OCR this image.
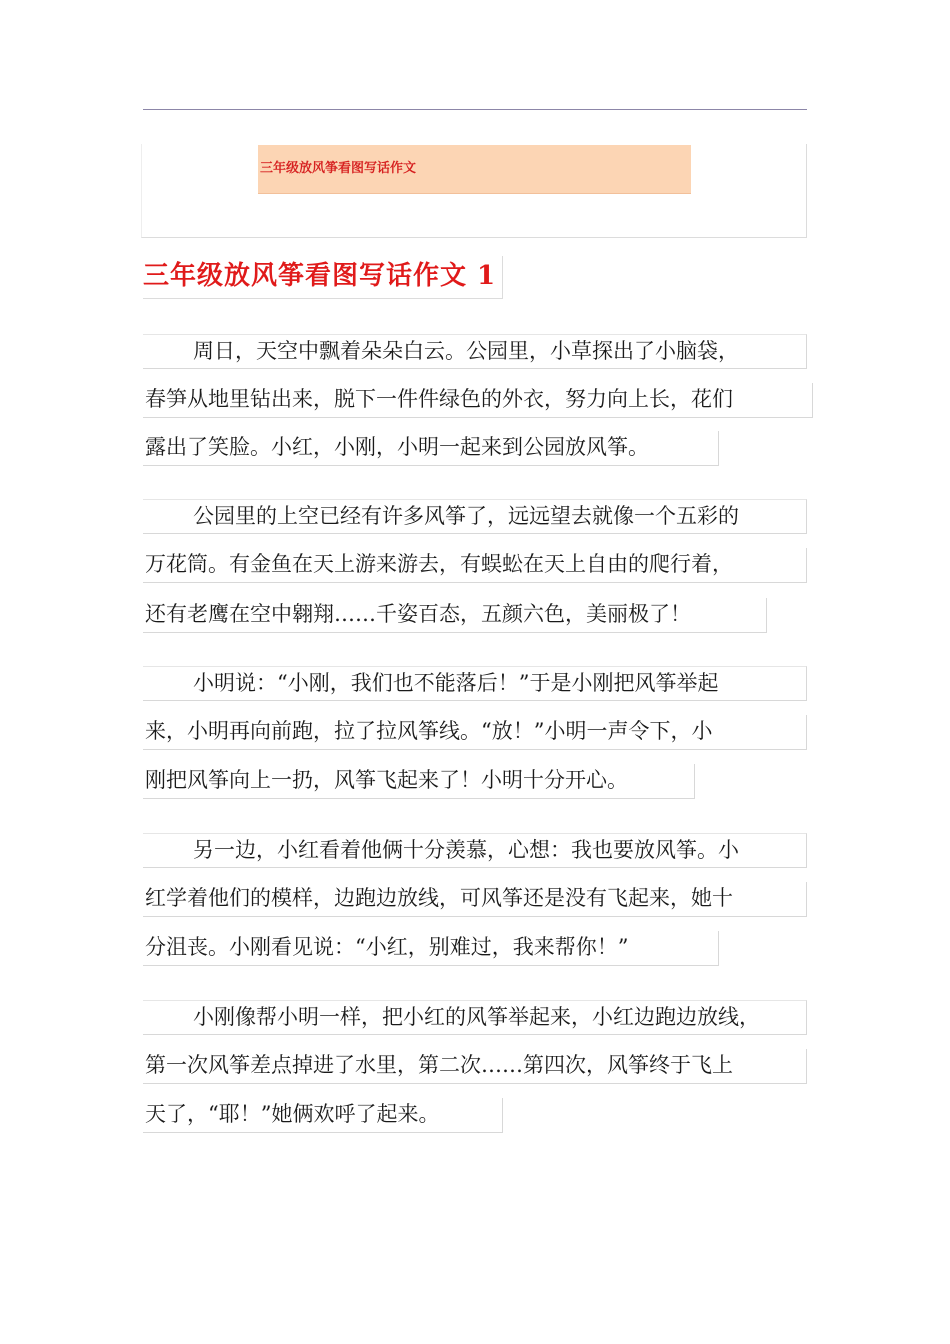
三年级放风筝看图写话作文
三年级放风筝看图写话作文 1
周日，天空中飘着朵朵白云。公园里，小草探出了小脑袋，
春笋从地里钻出来，脱下一件件绿色的外衣，努力向上长，花们
露出了笑脸。小红，小刚，小明一起来到公园放风筝。
公园里的上空已经有许多风筝了，远远望去就像一个五彩的
万花筒。有金鱼在天上游来游去，有蜈蚣在天上自由的爬行着，
还有老鹰在空中翱翔……千姿百态，五颜六色，美丽极了！
小明说：“小刚，我们也不能落后！”于是小刚把风筝举起
来，小明再向前跑，拉了拉风筝线。“放！”小明一声令下，小
刚把风筝向上一扔，风筝飞起来了！小明十分开心。
另一边，小红看着他俩十分羡慕，心想：我也要放风筝。小
红学着他们的模样，边跑边放线，可风筝还是没有飞起来，她十
分沮丧。小刚看见说：“小红，别难过，我来帮你！”
小刚像帮小明一样，把小红的风筝举起来，小红边跑边放线，
第一次风筝差点掉进了水里，第二次……第四次，风筝终于飞上
天了，“耶！”她俩欢呼了起来。
